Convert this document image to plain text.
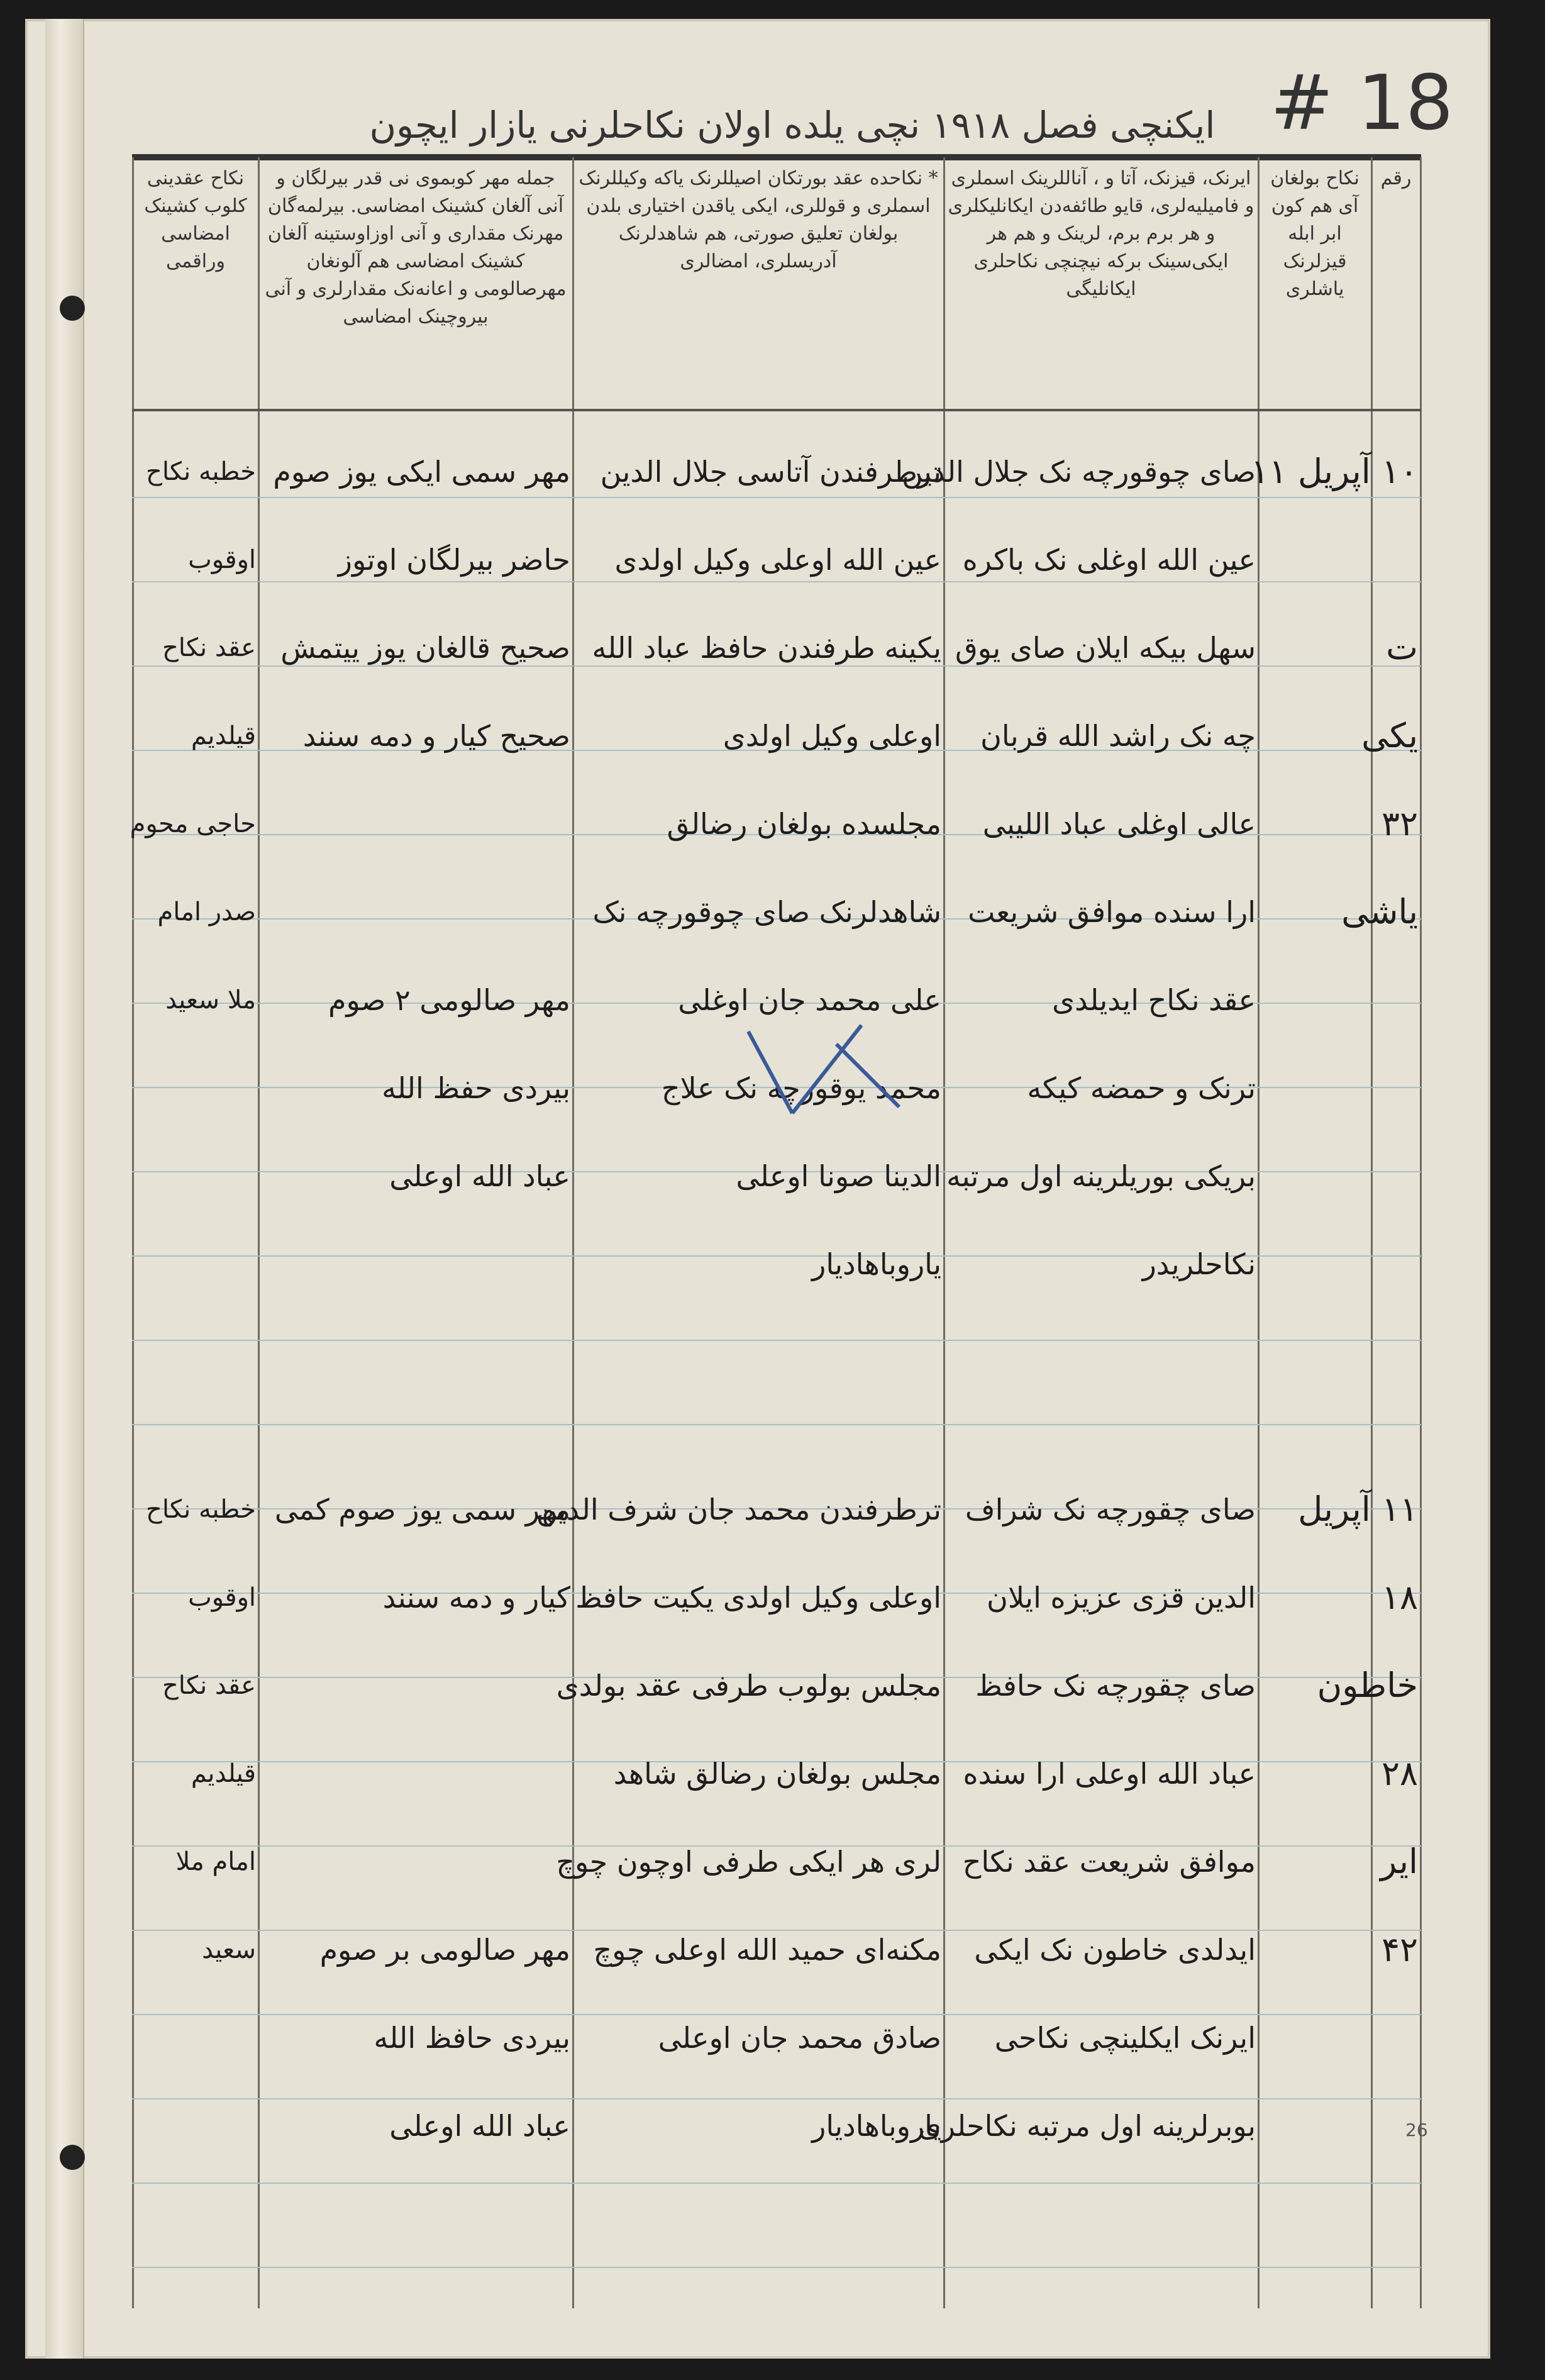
ایکنچی فصل ۱۹۱۸ نچی یلده اولان نکاحلرنی یازار ایچون # 18
رقم
نکاح بولغان آی هم کون ابر ابله قیزلرنک یاشلری
ایرنک، قیزنک، آتا و ، آناللرینک اسملری و فامیلیه‌لری، قایو طائفه‌دن ایکانلیکلری و هر برم برم، لرینک و هم هر ایکی‌سینک برکه نیچنچی نکاحلری ایکانلیگی
* نکاحده عقد بورتکان اصیللرنک یاکه وکیللرنک اسملری و قوللری، ایکی یاقدن اختیاری بلدن بولغان تعلیق صورتی، هم شاهدلرنک آدریسلری، امضالری
جمله مهر کوبموی نی قدر بیرلگان و آنی آلغان کشینک امضاسی. بیرلمه‌گان مهرنک مقداری و آنی اوزاوستینه آلغان کشینک امضاسی هم آلونغان مهرصالومی و اعانه‌نک مقدارلری و آنی بیروچینک امضاسی
نکاح عقدینی کلوب کشینک امضاسی وراقمی
۱۰ آپریل ۱۱
ت
یکی
۳۲
یاشی
صای چوقورچه نک جلال الدین
عین الله اوغلی نک باکره
سهل بیکه ایلان صای یوق
چه نک راشد الله قربان
عالی اوغلی عباد اللیبی
ارا سنده موافق شریعت
عقد نکاح ایدیلدی
ترنک و حمضه کیکه
بریکی بوریلرینه اول مرتبه
نکاحلریدر
ترطرفندن آتاسی جلال الدین
عین الله اوعلی وکیل اولدی
یکینه طرفندن حافظ عباد الله
اوعلی وکیل اولدی
مجلسده بولغان رضالق
شاهدلرنک صای چوقورچه نک
علی محمد جان اوغلی
محمد یوقورچه نک علاج
الدینا صونا اوعلی
یاروباهادیار
مهر سمی ایکی یوز صوم
حاضر بیرلگان اوتوز
صحیح قالغان یوز ییتمش
صحیح کیار و دمه سنند
مهر صالومی ۲ صوم
بیردی حفظ الله
عباد الله اوعلی
خطبه نکاح
اوقوب
عقد نکاح
قیلدیم
حاجی محوم
صدر امام
ملا سعید
۱۱ آپریل
۱۸
خاطون
۲۸
ایر
۴۲
صای چقورچه نک شراف
الدین قزی عزیزه ایلان
صای چقورچه نک حافظ
عباد الله اوعلی ارا سنده
موافق شریعت عقد نکاح
ایدلدی خاطون نک ایکی
ایرنک ایکلینچی نکاحی
بوبرلرینه اول مرتبه نکاحلری
ترطرفندن محمد جان شرف الدین
اوعلی وکیل اولدی یکیت حافظ
مجلس بولوب طرفی عقد بولدی
مجلس بولغان رضالق شاهد
لری هر ایکی طرفی اوچون چوچ
مکنه‌ای حمید الله اوعلی چوچ
صادق محمد جان اوعلی
یاروباهادیار
مهر سمی یوز صوم کمی
کیار و دمه سنند
مهر صالومی بر صوم
بیردی حافظ الله
عباد الله اوعلی
خطبه نکاح
اوقوب
عقد نکاح
قیلدیم
امام ملا
سعید
26
